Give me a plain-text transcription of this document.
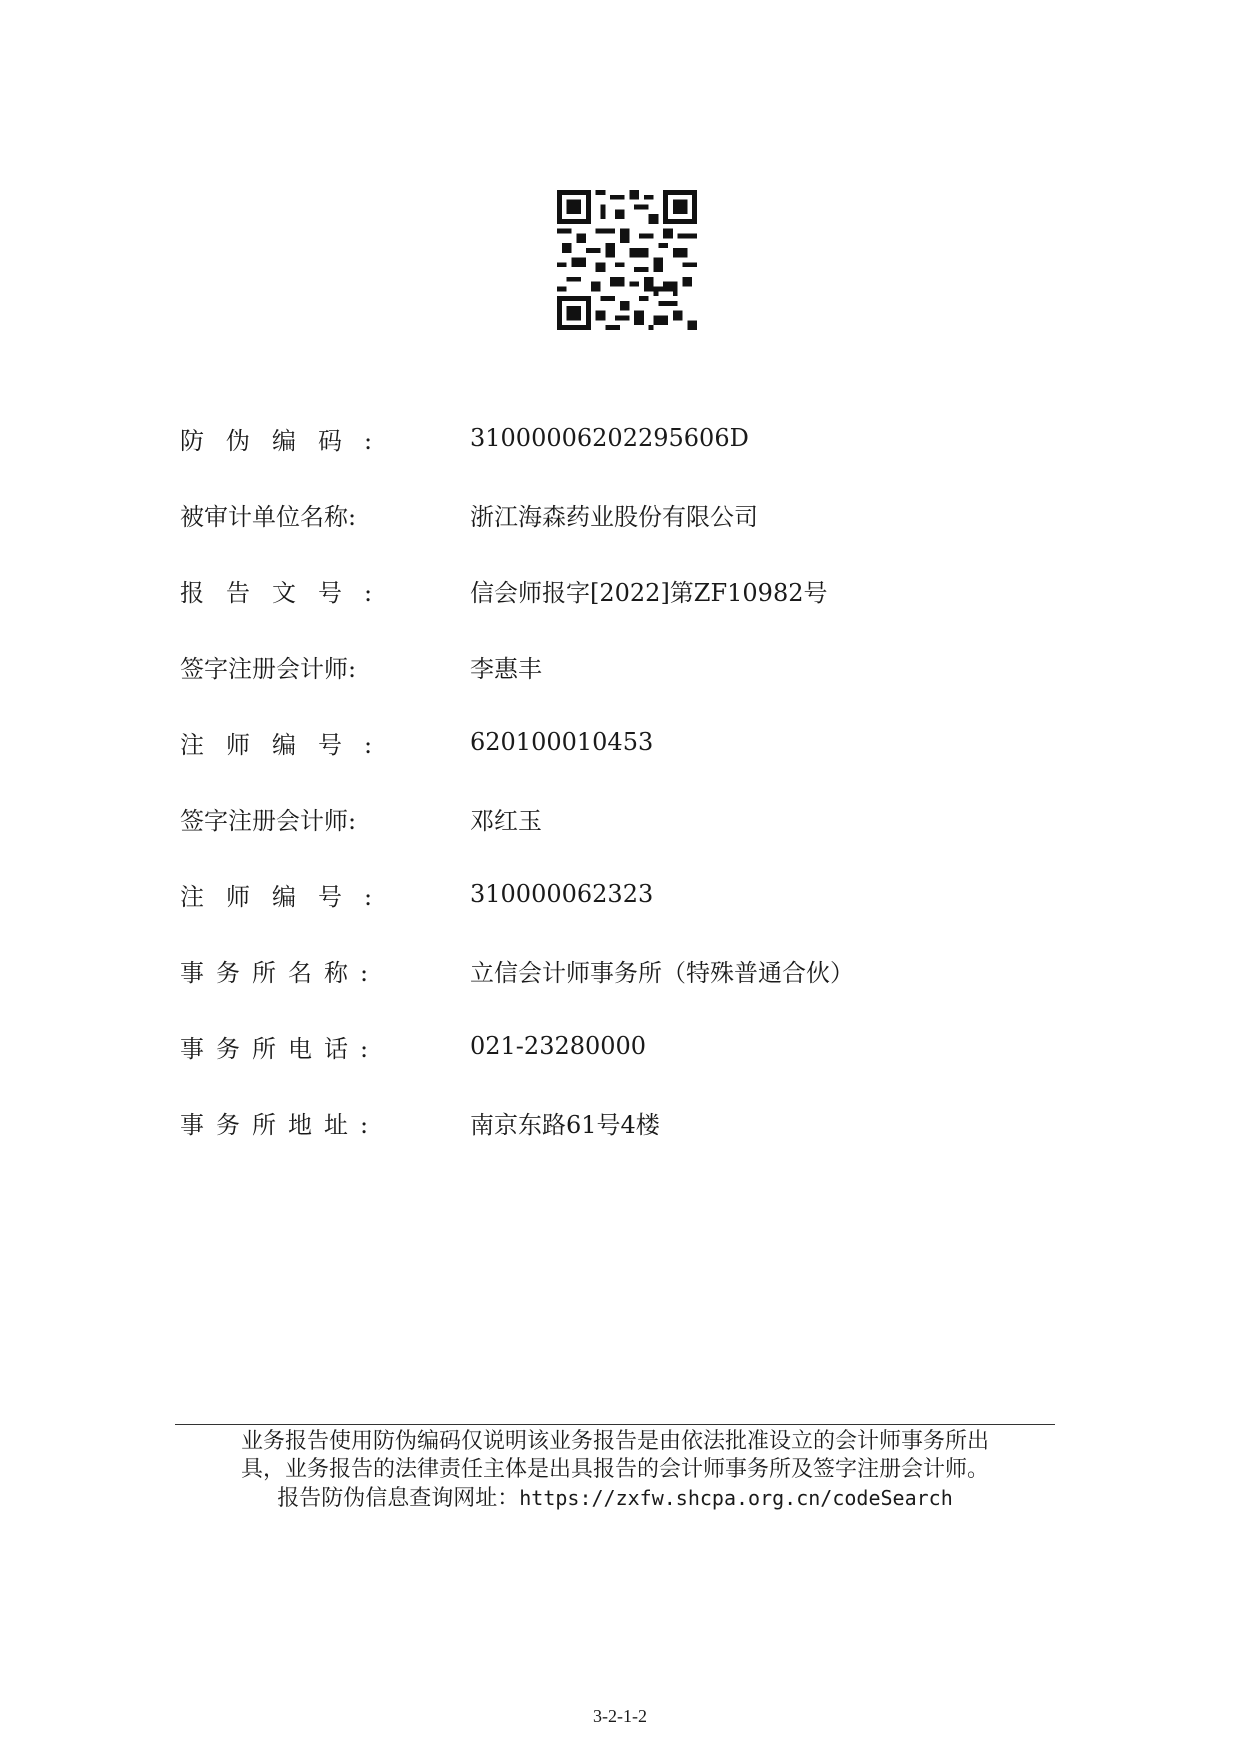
防伪编码:	31000006202295606D
被审计单位名称:	浙江海森药业股份有限公司
报告文号:	信会师报字[2022]第ZF10982号
签字注册会计师:	李惠丰
注师编号:	620100010453
签字注册会计师:	邓红玉
注师编号:	310000062323
事务所名称:	立信会计师事务所（特殊普通合伙）
事务所电话:	021-23280000
事务所地址:	南京东路61号4楼
业务报告使用防伪编码仅说明该业务报告是由依法批准设立的会计师事务所出
具，业务报告的法律责任主体是出具报告的会计师事务所及签字注册会计师。
报告防伪信息查询网址：https://zxfw.shcpa.org.cn/codeSearch
3-2-1-2
